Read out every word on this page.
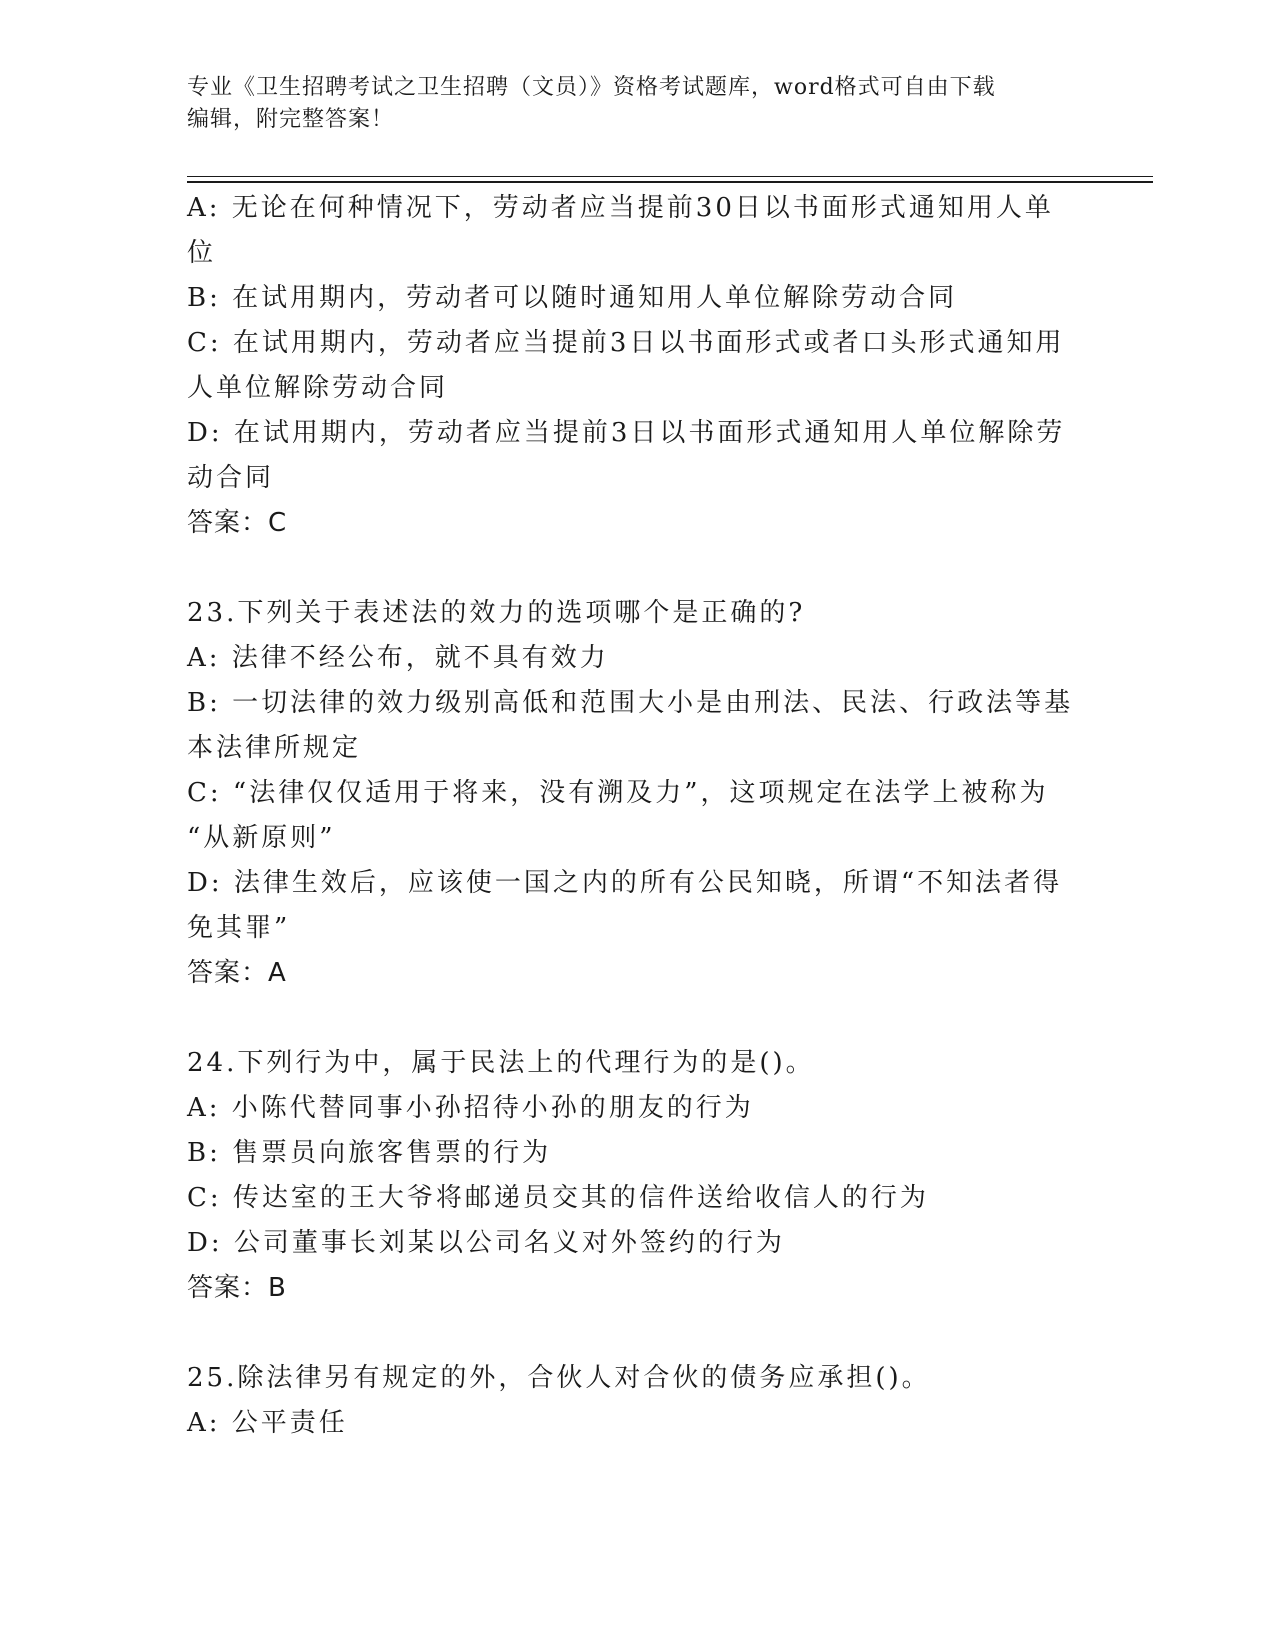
专业《卫生招聘考试之卫生招聘（文员）》资格考试题库，word格式可自由下载
编辑，附完整答案！
A: 无论在何种情况下，劳动者应当提前30日以书面形式通知用人单
位
B: 在试用期内，劳动者可以随时通知用人单位解除劳动合同
C: 在试用期内，劳动者应当提前3日以书面形式或者口头形式通知用
人单位解除劳动合同
D: 在试用期内，劳动者应当提前3日以书面形式通知用人单位解除劳
动合同
答案：C
23.下列关于表述法的效力的选项哪个是正确的?
A: 法律不经公布，就不具有效力
B: 一切法律的效力级别高低和范围大小是由刑法、民法、行政法等基
本法律所规定
C: “法律仅仅适用于将来，没有溯及力”，这项规定在法学上被称为
“从新原则”
D: 法律生效后，应该使一国之内的所有公民知晓，所谓“不知法者得
免其罪”
答案：A
24.下列行为中，属于民法上的代理行为的是()。
A: 小陈代替同事小孙招待小孙的朋友的行为
B: 售票员向旅客售票的行为
C: 传达室的王大爷将邮递员交其的信件送给收信人的行为
D: 公司董事长刘某以公司名义对外签约的行为
答案：B
25.除法律另有规定的外，合伙人对合伙的债务应承担()。
A: 公平责任
